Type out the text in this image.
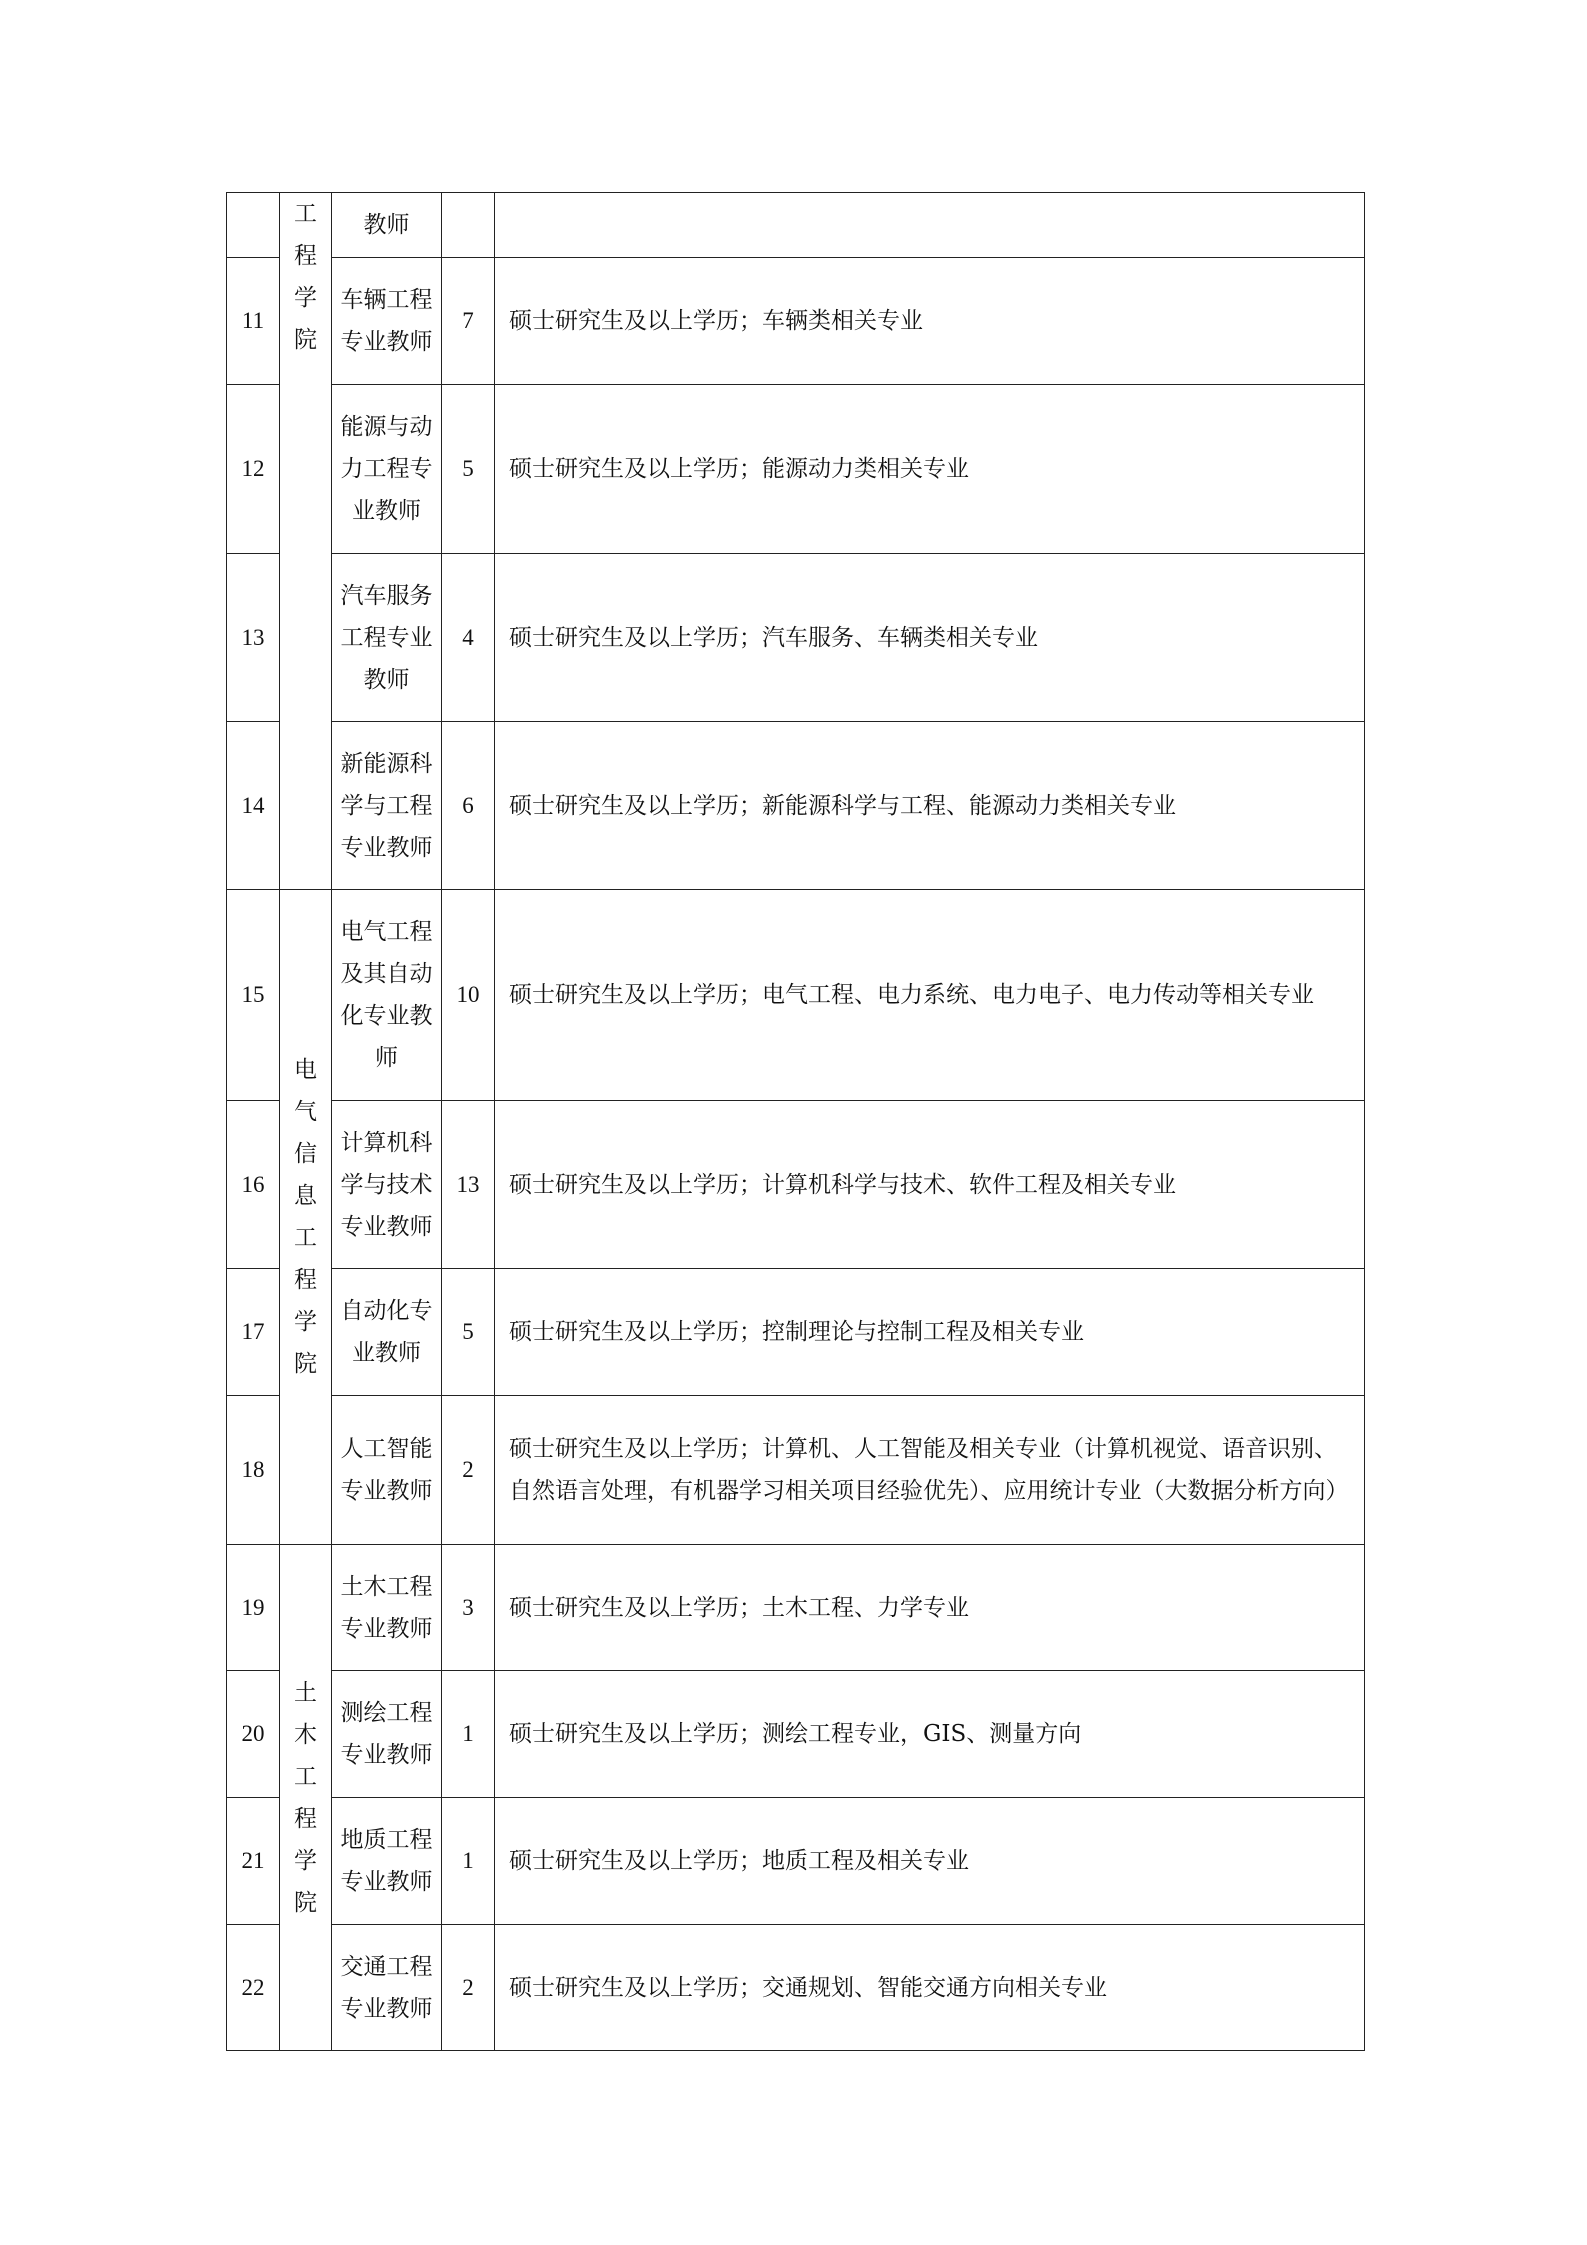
	工程学院	教师		

11		车辆工程专业教师	7	硕士研究生及以上学历；车辆类相关专业
12		能源与动力工程专业教师	5	硕士研究生及以上学历；能源动力类相关专业
13		汽车服务工程专业教师	4	硕士研究生及以上学历；汽车服务、车辆类相关专业
14		新能源科学与工程专业教师	6	硕士研究生及以上学历；新能源科学与工程、能源动力类相关专业
15	电气信息工程学院	电气工程及其自动化专业教师	10	硕士研究生及以上学历；电气工程、电力系统、电力电子、电力传动等相关专业
16		计算机科学与技术专业教师	13	硕士研究生及以上学历；计算机科学与技术、软件工程及相关专业
17		自动化专业教师	5	硕士研究生及以上学历；控制理论与控制工程及相关专业
18		人工智能专业教师	2	硕士研究生及以上学历；计算机、人工智能及相关专业（计算机视觉、语音识别、自然语言处理，有机器学习相关项目经验优先）、应用统计专业（大数据分析方向）
19	土木工程学院	土木工程专业教师	3	硕士研究生及以上学历；土木工程、力学专业
20		测绘工程专业教师	1	硕士研究生及以上学历；测绘工程专业，GIS、测量方向
21		地质工程专业教师	1	硕士研究生及以上学历；地质工程及相关专业
22		交通工程专业教师	2	硕士研究生及以上学历；交通规划、智能交通方向相关专业
